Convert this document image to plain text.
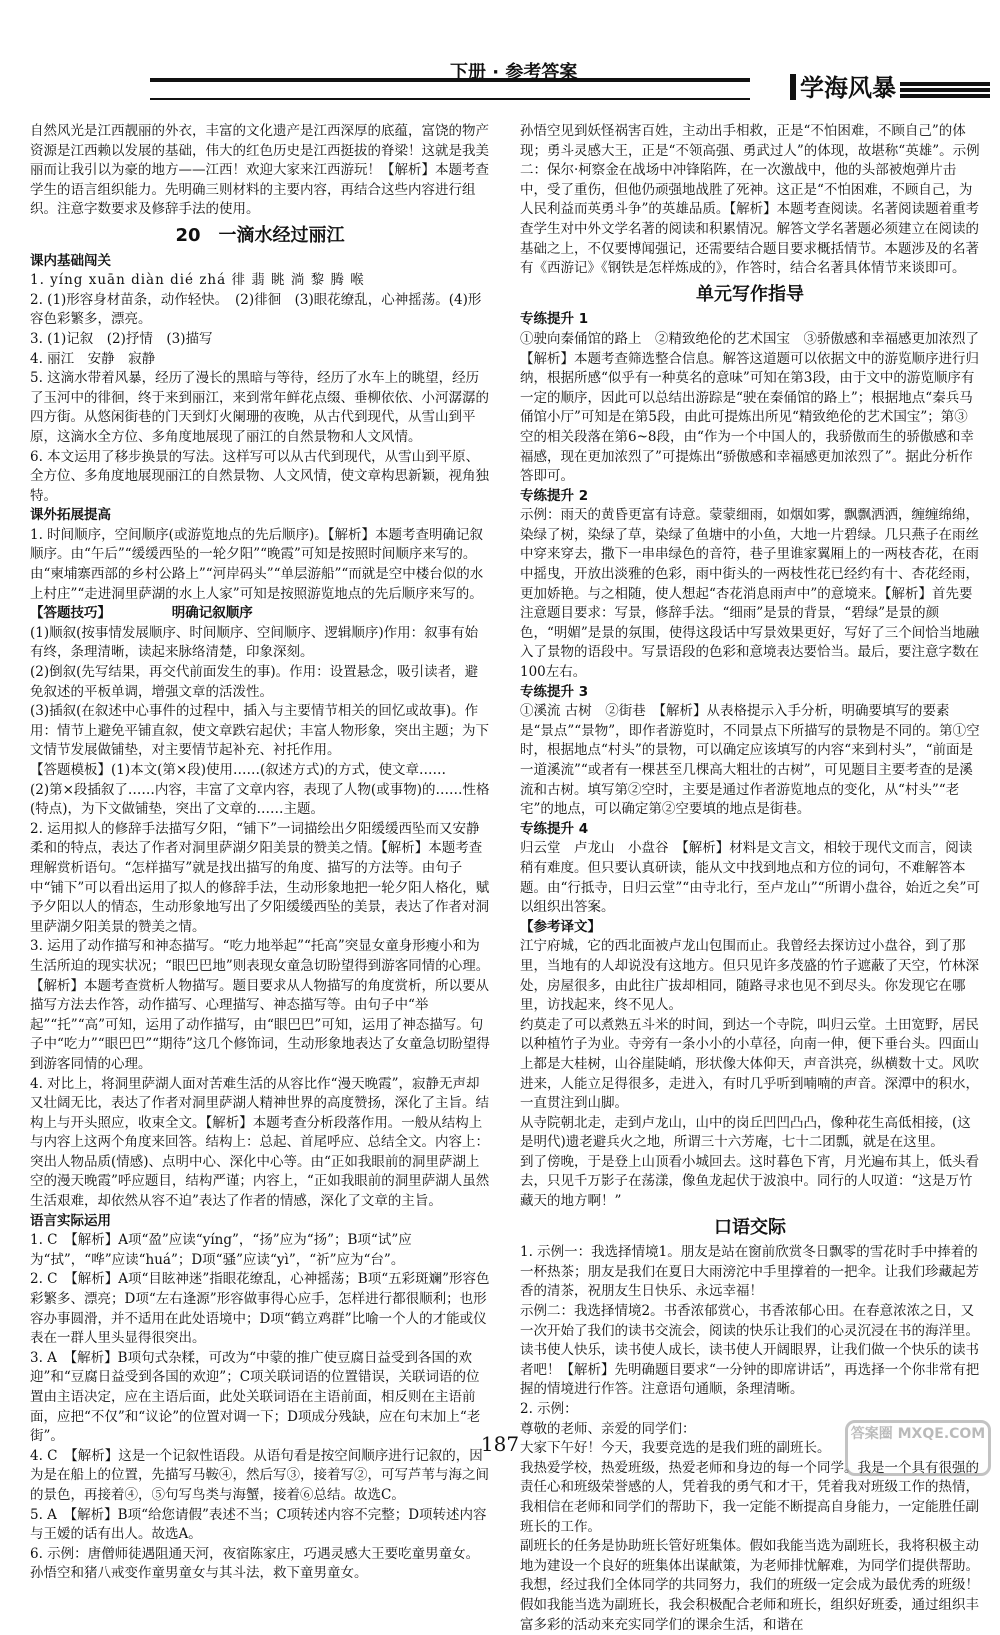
下册 · 参考答案
学海风暴

自然风光是江西靓丽的外衣，丰富的文化遗产是江西深厚的底蕴，富饶的物产资源是江西赖以发展的基础，伟大的红色历史是江西挺拔的脊梁！这就是我美丽而让我引以为豪的地方——江西！欢迎大家来江西游玩！【解析】本题考查学生的语言组织能力。先明确三则材料的主要内容，再结合这些内容进行组织。注意字数要求及修辞手法的使用。

20　一滴水经过丽江

课内基础闯关

1. yíng xuān diàn dié zhá 徘 翡 眺 淌 黎 腾 喉

2. (1)形容身材苗条，动作轻快。　(2)徘徊　(3)眼花缭乱，心神摇荡。(4)形容色彩繁多，漂亮。

3. (1)记叙　(2)抒情　(3)描写

4. 丽江　安静　寂静

5. 这滴水带着风暴，经历了漫长的黑暗与等待，经历了水车上的眺望，经历了玉河中的徘徊，终于来到丽江，来到常年鲜花点缀、垂柳依依、小河潺潺的四方街。从悠闲街巷的门天到灯火阑珊的夜晚，从古代到现代，从雪山到平原，这滴水全方位、多角度地展现了丽江的自然景物和人文风情。

6. 本文运用了移步换景的写法。这样写可以从古代到现代，从雪山到平原、全方位、多角度地展现丽江的自然景物、人文风情，使文章构思新颖，视角独特。

课外拓展提高

1. 时间顺序，空间顺序(或游览地点的先后顺序)。【解析】本题考查明确记叙顺序。由“午后”“缓缓西坠的一轮夕阳”“晚霞”可知是按照时间顺序来写的。由“柬埔寨西部的乡村公路上”“河岸码头”“单层游船”“而就是空中楼台似的水上村庄”“走进洞里萨湖的水上人家”可知是按照游览地点的先后顺序来写的。

【答题技巧】　　　　　明确记叙顺序

(1)顺叙(按事情发展顺序、时间顺序、空间顺序、逻辑顺序)作用：叙事有始有终，条理清晰，读起来脉络清楚，印象深刻。

(2)倒叙(先写结果，再交代前面发生的事)。作用：设置悬念，吸引读者，避免叙述的平板单调，增强文章的活泼性。

(3)插叙(在叙述中心事件的过程中，插入与主要情节相关的回忆或故事)。作用：情节上避免平铺直叙，使文章跌宕起伏；丰富人物形象，突出主题；为下文情节发展做铺垫，对主要情节起补充、衬托作用。

【答题模板】(1)本文(第×段)使用……(叙述方式)的方式，使文章……

(2)第×段插叙了……内容，丰富了文章内容，表现了人物(或事物)的……性格(特点)，为下文做铺垫，突出了文章的……主题。

2. 运用拟人的修辞手法描写夕阳，“铺下”一词描绘出夕阳缓缓西坠而又安静柔和的特点，表达了作者对洞里萨湖夕阳美景的赞美之情。【解析】本题考查理解赏析语句。“怎样描写”就是找出描写的角度、描写的方法等。由句子中“铺下”可以看出运用了拟人的修辞手法，生动形象地把一轮夕阳人格化，赋予夕阳以人的情态，生动形象地写出了夕阳缓缓西坠的美景，表达了作者对洞里萨湖夕阳美景的赞美之情。

3. 运用了动作描写和神态描写。“吃力地举起”“托高”突显女童身形瘦小和为生活所迫的现实状况；“眼巴巴地”则表现女童急切盼望得到游客同情的心理。【解析】本题考查赏析人物描写。题目要求从人物描写的角度赏析，所以要从描写方法去作答，动作描写、心理描写、神态描写等。由句子中“举起”“托”“高”可知，运用了动作描写，由“眼巴巴”可知，运用了神态描写。句子中“吃力”“眼巴巴”“期待”这几个修饰词，生动形象地表达了女童急切盼望得到游客同情的心理。

4. 对比上，将洞里萨湖人面对苦难生活的从容比作“漫天晚霞”，寂静无声却又壮阔无比，表达了作者对洞里萨湖人精神世界的高度赞扬，深化了主旨。结构上与开头照应，收束全文。【解析】本题考查分析段落作用。一般从结构上与内容上这两个角度来回答。结构上：总起、首尾呼应、总结全文。内容上：突出人物品质(情感)、点明中心、深化中心等。由“正如我眼前的洞里萨湖上空的漫天晚霞”呼应题目，结构严谨；内容上，“正如我眼前的洞里萨湖人虽然生活艰难，却依然从容不迫”表达了作者的情感，深化了文章的主旨。

语言实际运用

1. C　【解析】A项“盈”应读“yíng”，“扬”应为“扬”；B项“试”应为“拭”，“哗”应读“huá”；D项“骚”应读“yì”，“祈”应为“台”。

2. C　【解析】A项“目眩神迷”指眼花缭乱，心神摇荡；B项“五彩斑斓”形容色彩繁多、漂亮；D项“左右逢源”形容做事得心应手，怎样进行都很顺利；也形容办事圆滑，并不适用在此处语境中；D项“鹤立鸡群”比喻一个人的才能或仪表在一群人里头显得很突出。

3. A　【解析】B项句式杂糅，可改为“中蒙的推广使豆腐日益受到各国的欢迎”和“豆腐日益受到各国的欢迎”；C项关联词语的位置错误，关联词语的位置由主语决定，应在主语后面，此处关联词语在主语前面，相反则在主语前面，应把“不仅”和“议论”的位置对调一下；D项成分残缺，应在句末加上“老街”。

4. C　【解析】这是一个记叙性语段。从语句看是按空间顺序进行记叙的，因为是在船上的位置，先描写马鞍④，然后写③，接着写②，可写芦苇与海之间的景色，再接着④，⑤句写鸟类与海蟹，接着⑥总结。故选C。

5. A　【解析】B项“给您请假”表述不当；C项转述内容不完整；D项转述内容与王嫒的话有出人。故选A。

6. 示例：唐僧师徒遇阻通天河，夜宿陈家庄，巧遇灵感大王要吃童男童女。孙悟空和猪八戒变作童男童女与其斗法，救下童男童女。

孙悟空见到妖怪祸害百姓，主动出手相救，正是“不怕困难，不顾自己”的体现；勇斗灵感大王，正是“不领高强、勇武过人”的体现，故堪称“英雄”。示例二：保尔·柯察金在战场中冲锋陷阵，在一次激战中，他的头部被炮弹片击中，受了重伤，但他仍顽强地战胜了死神。这正是“不怕困难，不顾自己，为人民利益而英勇斗争”的英雄品质。【解析】本题考查阅读。名著阅读题着重考查学生对中外文学名著的阅读和积累情况。解答文学名著题必须建立在阅读的基础之上，不仅要博闻强记，还需要结合题目要求概括情节。本题涉及的名著有《西游记》《钢铁是怎样炼成的》，作答时，结合名著具体情节来谈即可。

单元写作指导

专练提升 1

①驶向秦俑馆的路上　②精致绝伦的艺术国宝　③骄傲感和幸福感更加浓烈了　【解析】本题考查筛选整合信息。解答这道题可以依据文中的游览顺序进行归纳，根据所感“似乎有一种莫名的意味”可知在第3段，由于文中的游览顺序有一定的顺序，因此可以总结出游踪是“驶在秦俑馆的路上”；根据地点“秦兵马俑馆小厅”可知是在第5段，由此可提炼出所见“精致绝伦的艺术国宝”；第③空的相关段落在第6~8段，由“作为一个中国人的，我骄傲而生的骄傲感和幸福感，现在更加浓烈了”可提炼出“骄傲感和幸福感更加浓烈了”。据此分析作答即可。

专练提升 2

示例：雨天的黄昏更富有诗意。蒙蒙细雨，如烟如雾，飘飘洒洒，缠缠绵绵，染绿了树，染绿了草，染绿了鱼塘中的小鱼，大地一片碧绿。几只燕子在雨丝中穿来穿去，撒下一串串绿色的音符，巷子里谁家翼厢上的一两枝杏花，在雨中摇曳，开放出淡雅的色彩，雨中街头的一两枝性花已经约有十、杏花经雨，更加娇艳。与之相随，使人想起“杏花消息雨声中”的意境来。【解析】首先要注意题目要求：写景，修辞手法。“细雨”是景的背景，“碧绿”是景的颜色，“明媚”是景的氛围，使得这段话中写景效果更好，写好了三个间恰当地融入了景物的语段中。写景语段的色彩和意境表达要恰当。最后，要注意字数在100左右。

专练提升 3

①溪流 古树　②街巷　【解析】从表格提示入手分析，明确要填写的要素是“景点”“景物”，即作者游览时，不同景点下所描写的景物是不同的。第①空时，根据地点“村头”的景物，可以确定应该填写的内容“来到村头”，“前面是一道溪流”“或者有一棵甚至几棵高大粗壮的古树”，可见题目主要考查的是溪流和古树。填写第②空时，主要是通过作者游览地点的变化，从“村头”“老宅”的地点，可以确定第②空要填的地点是街巷。

专练提升 4

归云堂　卢龙山　小盘谷　【解析】材料是文言文，相较于现代文而言，阅读稍有难度。但只要认真研读，能从文中找到地点和方位的词句，不难解答本题。由“行抵寺，日归云堂”“由寺北行，至卢龙山”“所谓小盘谷，始近之矣”可以组织出答案。

【参考译文】

江宁府城，它的西北面被卢龙山包围而止。我曾经去探访过小盘谷，到了那里，当地有的人却说没有这地方。但只见许多茂盛的竹子遮蔽了天空，竹林深处，房屋很多，由此往广拔却相同，随路寻求也见不到尽头。你发现它在哪里，访找起来，终不见人。

约莫走了可以煮熟五斗米的时间，到达一个寺院，叫归云堂。土田宽野，居民以种植竹子为业。寺旁有一条小小的小草径，向南一伸，便下垂台头。四面山上都是大桂树，山谷崖陡峭，形状像大体仰天，声音洪亮，纵横数十丈。风吹进来，人能立足得很多，走进入，有时几乎听到喃喃的声音。深潭中的积水，一直贯注到山脚。

从寺院朝北走，走到卢龙山，山中的岗丘凹凹凸凸，像种花生高低相接，(这是明代)遗老避兵火之地，所谓三十六芳庵，七十二团瓢，就是在这里。

到了傍晚，于是登上山顶看小城回去。这时暮色下宵，月光遍布其上，低头看去，只见千万影子在荡漾，像鱼龙起伏于波浪中。同行的人叹道：“这是万竹藏天的地方啊！”

口语交际

1. 示例一：我选择情境1。朋友是站在窗前欣赏冬日飘零的雪花时手中捧着的一杯热茶；朋友是我们在夏日大雨滂沱中手里撑着的一把伞。让我们珍藏起芳香的清茶，祝朋友生日快乐、永远幸福！

示例二：我选择情境2。书香浓郁赏心，书香浓郁心田。在春意浓浓之日，又一次开始了我们的读书交流会，阅读的快乐让我们的心灵沉浸在书的海洋里。读书使人快乐，读书使人成长，读书使人开阔眼界，让我们做一个快乐的读书者吧！【解析】先明确题目要求“一分钟的即席讲话”，再选择一个你非常有把握的情境进行作答。注意语句通顺，条理清晰。

2. 示例：

尊敬的老师、亲爱的同学们：

大家下午好！今天，我要竞选的是我们班的副班长。

我热爱学校，热爱班级，热爱老师和身边的每一个同学。我是一个具有很强的责任心和班级荣誉感的人，凭着我的勇气和才干，凭着我对班级工作的热情，我相信在老师和同学们的帮助下，我一定能不断提高自身能力，一定能胜任副班长的工作。

副班长的任务是协助班长管好班集体。假如我能当选为副班长，我将积极主动地为建设一个良好的班集体出谋献策，为老师排忧解难，为同学们提供帮助。我想，经过我们全体同学的共同努力，我们的班级一定会成为最优秀的班级！

假如我能当选为副班长，我会积极配合老师和班长，组织好班委，通过组织丰富多彩的活动来充实同学们的课余生活，和谐在

187	答案圈 MXQE.COM
